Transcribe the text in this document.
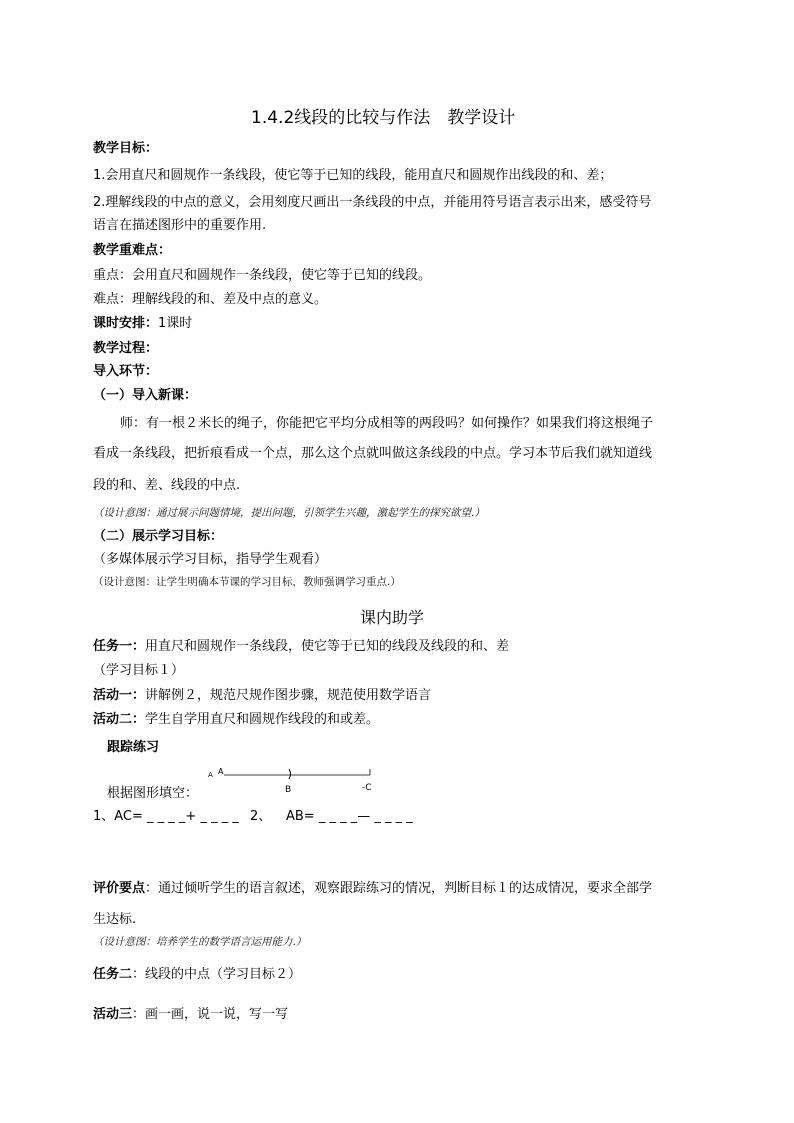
1.4.2线段的比较与作法　教学设计
教学目标：
1.会用直尺和圆规作一条线段，使它等于已知的线段，能用直尺和圆规作出线段的和、差；
2.理解线段的中点的意义，会用刻度尺画出一条线段的中点，并能用符号语言表示出来，感受符号
语言在描述图形中的重要作用.
教学重难点：
重点：会用直尺和圆规作一条线段，使它等于已知的线段。
难点：理解线段的和、差及中点的意义。
课时安排：1课时
教学过程：
导入环节：
（一）导入新课：
师：有一根２米长的绳子，你能把它平均分成相等的两段吗？如何操作？如果我们将这根绳子
看成一条线段，把折痕看成一个点，那么这个点就叫做这条线段的中点。学习本节后我们就知道线
段的和、差、线段的中点.
（设计意图：通过展示问题情境，提出问题，引领学生兴趣，激起学生的探究欲望.）
（二）展示学习目标：
（多媒体展示学习目标，指导学生观看）
（设计意图：让学生明确本节课的学习目标，教师强调学习重点.）
课内助学
任务一：用直尺和圆规作一条线段，使它等于已知的线段及线段的和、差
（学习目标１）
活动一：讲解例２，规范尺规作图步骤，规范使用数学语言
活动二：学生自学用直尺和圆规作线段的和或差。
跟踪练习
A A
B	-C
根据图形填空：
1、AC= _ _ _ _+ _ _ _ _ 2、 AB= _ _ _ _— _ _ _ _
评价要点：通过倾听学生的语言叙述，观察跟踪练习的情况，判断目标１的达成情况，要求全部学
生达标.
（设计意图：培养学生的数学语言运用能力.）
任务二：线段的中点（学习目标２）
活动三：画一画，说一说，写一写
